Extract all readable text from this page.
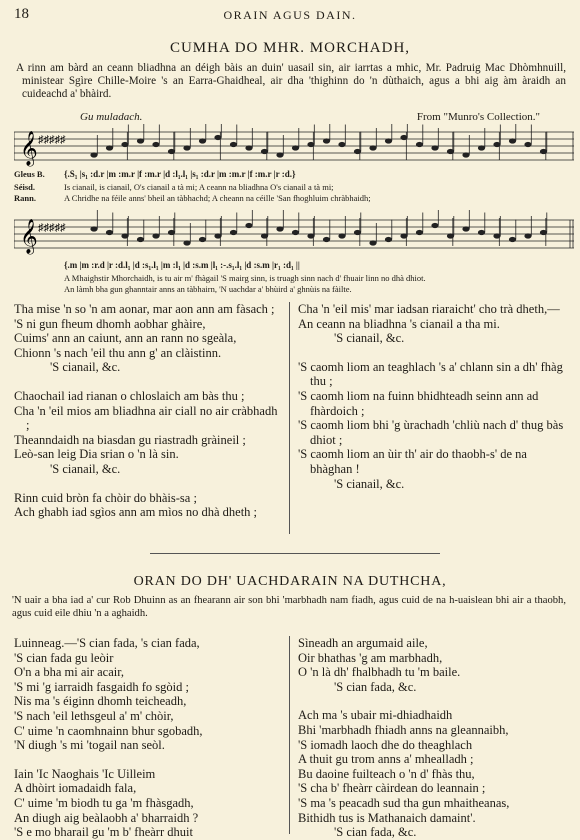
18	ORAIN AGUS DAIN.
CUMHA DO MHR. MORCHADH,
A rinn am bàrd an ceann bliadhna an déigh bàis an duin' uasail sin, air iarrtas a mhic, Mr. Padruig Mac Dhòmhnuill, ministear Sgìre Chille-Moire 's an Earra-Ghaidheal, air dha 'thighinn do 'n dùthaich, agus a bhi aig àm àraidh an cuideachd a' bhàird.
Gu muladach.	From "Munro's Collection."
𝄞 ♯♯♯♯♯
Gleus B.	{.S₁ |s₁ :d.r |m :m.r |f :m.r |d :l₁.l₁ |s₁ :d.r |m :m.r |f :m.r |r :d.}
Séisd.	Is cianail, is cianail, O's cianail a tà mi; A ceann na bliadhna O's cianail a tà mi;
Rann.	A Chridhe na féile anns' bheil an tàbhachd; A cheann na céille 'San fhoghluim chràbhaidh;
𝄞 ♯♯♯♯♯
{.m |m :r.d |r :d.l₁ |d :s₁.l₁ |m :l₁ |d :s.m |l₁ :-.s₁.l₁ |d :s.m |r₁ :d₁ ||
A Mhaighstir Mhorchaidh, is tu air m' fhàgail 'S mairg sinn, is truagh sinn nach d' fhuair linn no dhà dhiot.
An làmh bha gun ghanntair anns an tàbhairn, 'N uachdar a' bhùird a' ghnùis na fàilte.

Tha mise 'n so 'n am aonar, mar aon ann am fàsach ;

'S ni gun fheum dhomh aobhar ghàire,

Cuims' ann an caiunt, ann an rann no sgeàla,

Chionn 's nach 'eil thu ann g' an clàistinn.

'S cianail, &c.

Chaochail iad rianan o chloslaich am bàs thu ;

Cha 'n 'eil mios am bliadhna air ciall no air cràbhadh ;

Theanndaidh na biasdan gu riastradh gràineil ;

Leò-san leig Dia srian o 'n là sin.

'S cianail, &c.

Rinn cuid bròn fa chòir do bhàis-sa ;

Ach ghabh iad sgìos ann am mìos no dhà dheth ;

Cha 'n 'eil mis' mar iadsan riaraicht' cho trà dheth,—

An ceann na bliadhna 's cianail a tha mi.

'S cianail, &c.

'S caomh liom an teaghlach 's a' chlann sin a dh' fhàg thu ;

'S caomh liom na fuinn bhidhteadh seinn ann ad fhàrdoich ;

'S caomh liom bhi 'g ùrachadh 'chliù nach d' thug bàs dhiot ;

'S caomh liom an ùir th' air do thaobh-s' de na bhàghan !

'S cianail, &c.

ORAN DO DH' UACHDARAIN NA DUTHCHA,
'N uair a bha iad a' cur Rob Dhuinn as an fhearann air son bhi 'marbhadh nam fiadh, agus cuid de na h-uaislean bhi air a thaobh, agus cuid eile dhiu 'n a aghaidh.

Luinneag.—'S cian fada, 's cian fada,

'S cian fada gu leòir

O'n a bha mi air acair,

'S mi 'g iarraidh fasgaidh fo sgòid ;

Nis ma 's éiginn dhomh teicheadh,

'S nach 'eil lethsgeul a' m' chòir,

C' uime 'n caomhnainn bhur sgobadh,

'N diugh 's mi 'togail nan seòl.

Iain 'Ic Naoghais 'Ic Uilleim

A dhòirt iomadaidh fala,

C' uime 'm biodh tu ga 'm fhàsgadh,

An diugh aig beàlaobh a' bharraidh ?

'S e mo bharail gu 'm b' fheàrr dhuit

Sìneadh an argumaid aile,

Oir bhathas 'g am marbhadh,

O 'n là dh' fhalbhadh tu 'm baile.

'S cian fada, &c.

Ach ma 's ubair mi-dhiadhaidh

Bhi 'marbhadh fhiadh anns na gleannaibh,

'S iomadh laoch dhe do theaghlach

A thuit gu trom anns a' mhealladh ;

Bu daoine fuilteach o 'n d' fhàs thu,

'S cha b' fheàrr càirdean do leannain ;

'S ma 's peacadh sud tha gun mhaitheanas,

Bithidh tus is Mathanaich damaint'.

'S cian fada, &c.
